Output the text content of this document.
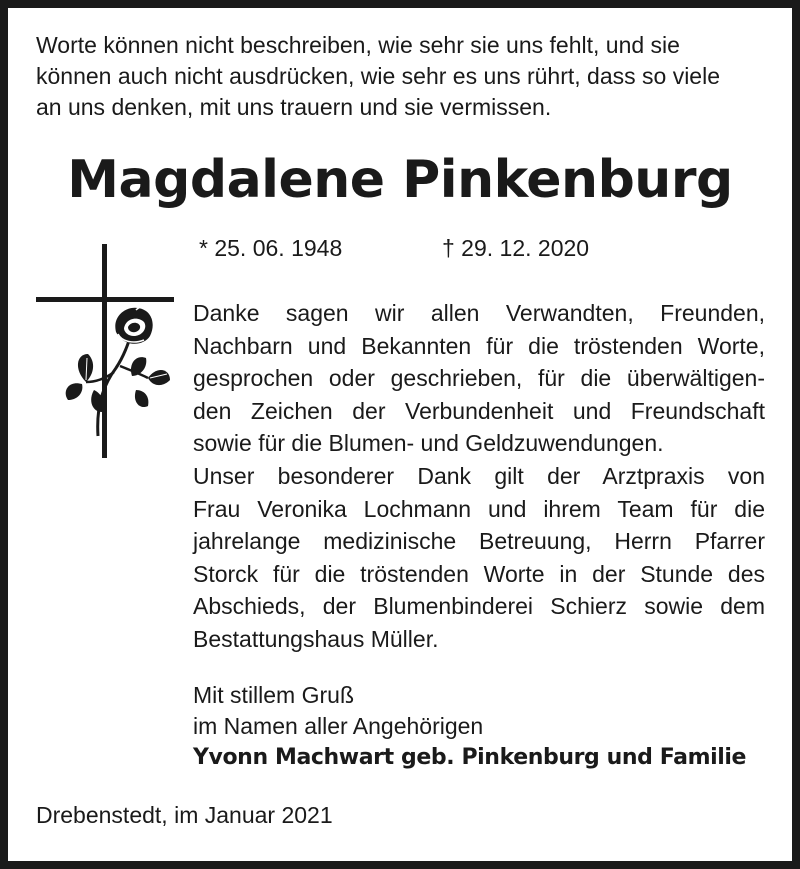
Worte können nicht beschreiben, wie sehr sie uns fehlt, und sie
können auch nicht ausdrücken, wie sehr es uns rührt, dass so viele
an uns denken, mit uns trauern und sie vermissen.

Magdalene Pinkenburg
* 25. 06. 1948	† 29. 12. 2020

Danke sagen wir allen Verwandten, Freunden,
Nachbarn und Bekannten für die tröstenden Worte,
gesprochen oder geschrieben, für die überwältigen-
den Zeichen der Verbundenheit und Freundschaft
sowie für die Blumen- und Geldzuwendungen.
Unser besonderer Dank gilt der Arztpraxis von
Frau Veronika Lochmann und ihrem Team für die
jahrelange medizinische Betreuung, Herrn Pfarrer
Storck für die tröstenden Worte in der Stunde des
Abschieds, der Blumenbinderei Schierz sowie dem
Bestattungshaus Müller.

Mit stillem Gruß
im Namen aller Angehörigen
Yvonn Machwart geb. Pinkenburg und Familie

Drebenstedt, im Januar 2021
